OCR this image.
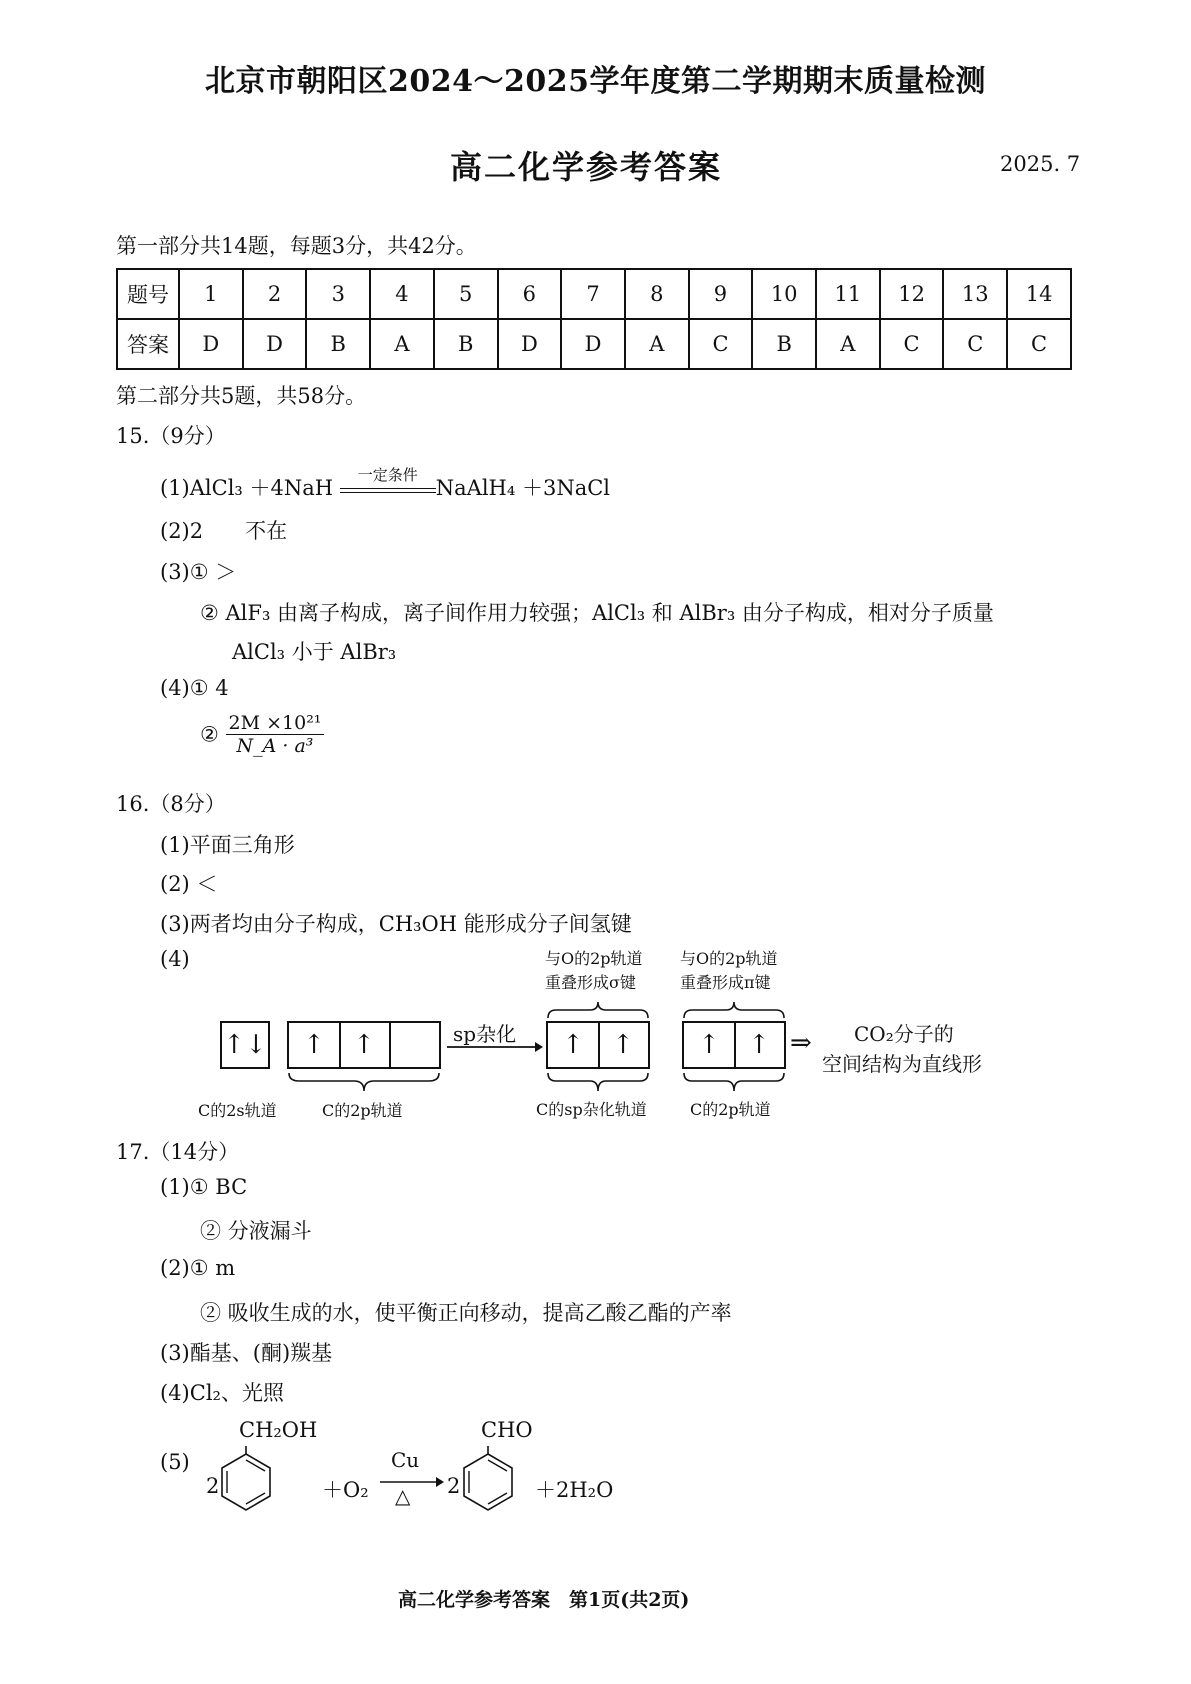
北京市朝阳区2024～2025学年度第二学期期末质量检测
高二化学参考答案	2025. 7
第一部分共14题，每题3分，共42分。
题号	1	2	3	4	5	6	7	8	9	10	11	12	13	14
答案	D	D	B	A	B	D	D	A	C	B	A	C	C	C
第二部分共5题，共58分。
15.（9分）
(1)AlCl₃ ＋4NaH
一定条件
NaAlH₄ ＋3NaCl
(2)2　　不在
(3)① ＞
② AlF₃ 由离子构成，离子间作用力较强；AlCl₃ 和 AlBr₃ 由分子构成，相对分子质量
AlCl₃ 小于 AlBr₃
(4)① 4
② $\frac{\text{2M ×10²¹}}{\text{N\_A · a³}}$
16.（8分）
(1)平面三角形
(2) ＜
(3)两者均由分子构成，CH₃OH 能形成分子间氢键
(4)	与O的2p轨道
重叠形成σ键
与O的2p轨道
重叠形成π键
↑↓	↑	↑	sp杂化	↑	↑	↑	↑
C的2s轨道	C的2p轨道	C的sp杂化轨道	C的2p轨道
⇒ CO₂分子的
空间结构为直线形
17.（14分）
(1)① BC
② 分液漏斗
(2)① m
② 吸收生成的水，使平衡正向移动，提高乙酸乙酯的产率
(3)酯基、(酮)羰基
(4)Cl₂、光照
(5)
2
CH₂OH
＋O₂
Cu
△ 2
CHO
＋2H₂O
高二化学参考答案　第1页(共2页)
